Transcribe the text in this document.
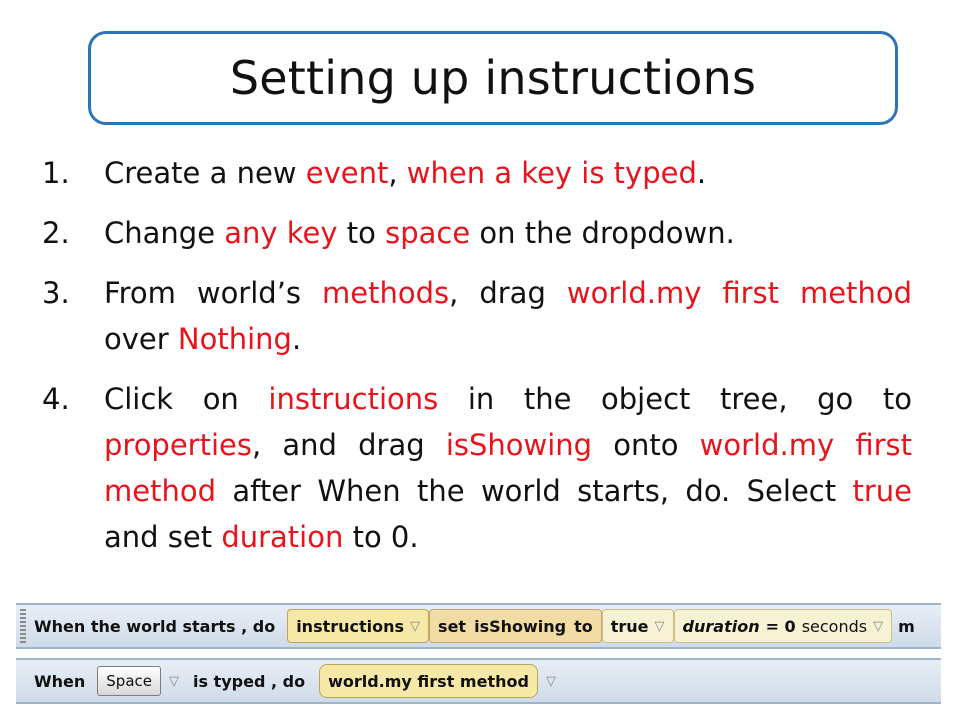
Setting up instructions
1.	Create a new event, when a key is typed.
2.	Change any key to space on the dropdown.
3.	From world’s methods, drag world.my first method over Nothing.
4.	Click on instructions in the object tree, go to properties, and drag isShowing onto world.my first method after When the world starts, do. Select true and set duration to 0.
When the world starts , do instructions ▽ set isShowing to true ▽ duration = 0 seconds ▽ m
When Space ▽ is typed , do world.my first method ▽
